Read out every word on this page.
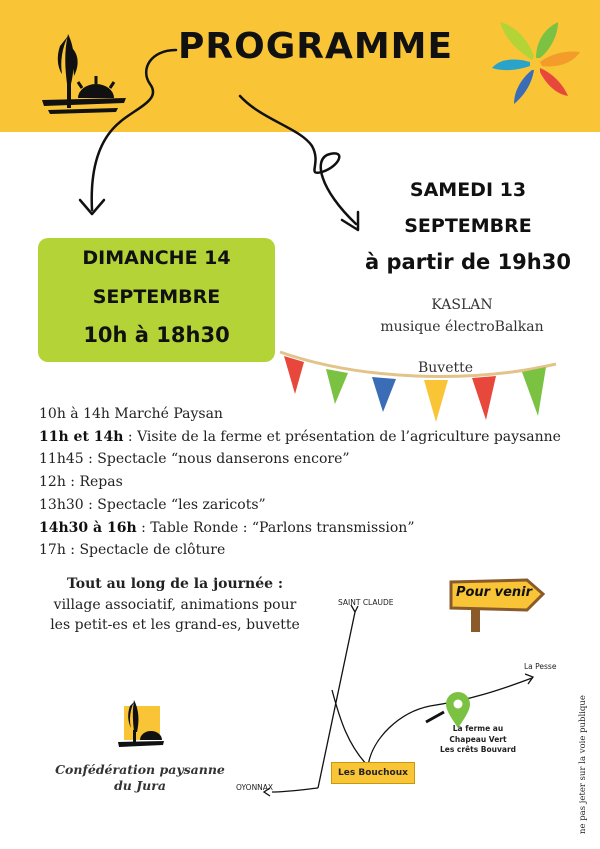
PROGRAMME
SAMEDI 13
SEPTEMBRE
à partir de 19h30
KASLAN
musique électroBalkan
Buvette
DIMANCHE 14
SEPTEMBRE
10h à 18h30
10h à 14h Marché Paysan
11h et 14h : Visite de la ferme et présentation de l’agriculture paysanne
11h45 : Spectacle “nous danserons encore”
12h : Repas
13h30 : Spectacle “les zaricots”
14h30 à 16h : Table Ronde : “Parlons transmission”
17h : Spectacle de clôture
Tout au long de la journée :
village associatif, animations pour
les petit-es et les grand-es, buvette
Pour venir
SAINT CLAUDE
La Pesse
OYONNAX
Les Bouchoux
La ferme au
Chapeau Vert
Les crêts Bouvard
Confédération paysanne
du Jura	ne pas jeter sur la voie publique
